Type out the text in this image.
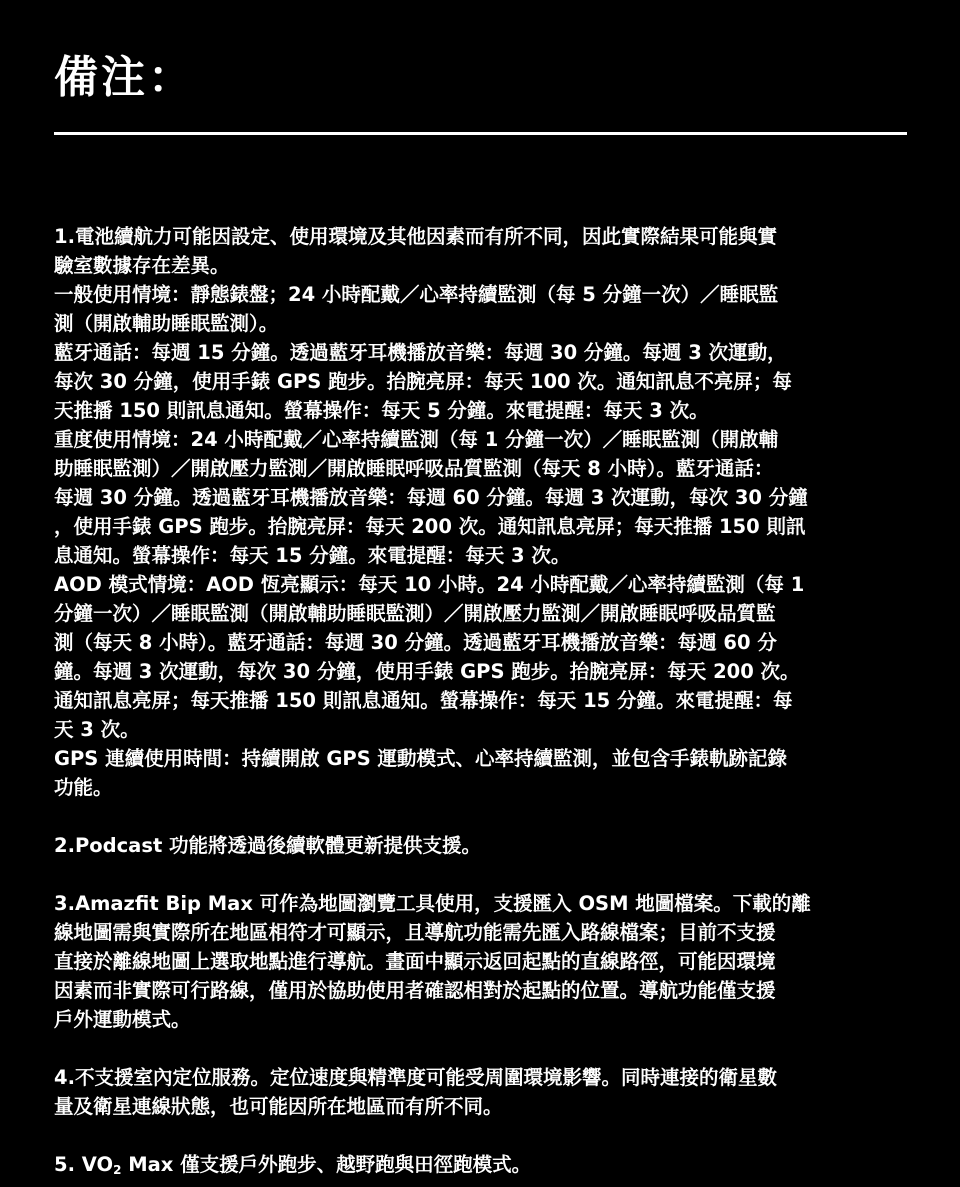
備注：
1.電池續航力可能因設定、使用環境及其他因素而有所不同，因此實際結果可能與實
驗室數據存在差異。
一般使用情境：靜態錶盤；24 小時配戴／心率持續監測（每 5 分鐘一次）／睡眠監
測（開啟輔助睡眠監測）。
藍牙通話：每週 15 分鐘。透過藍牙耳機播放音樂：每週 30 分鐘。每週 3 次運動，
每次 30 分鐘，使用手錶 GPS 跑步。抬腕亮屏：每天 100 次。通知訊息不亮屏；每
天推播 150 則訊息通知。螢幕操作：每天 5 分鐘。來電提醒：每天 3 次。
重度使用情境：24 小時配戴／心率持續監測（每 1 分鐘一次）／睡眠監測（開啟輔
助睡眠監測）／開啟壓力監測／開啟睡眠呼吸品質監測（每天 8 小時）。藍牙通話：
每週 30 分鐘。透過藍牙耳機播放音樂：每週 60 分鐘。每週 3 次運動，每次 30 分鐘
，使用手錶 GPS 跑步。抬腕亮屏：每天 200 次。通知訊息亮屏；每天推播 150 則訊
息通知。螢幕操作：每天 15 分鐘。來電提醒：每天 3 次。
AOD 模式情境：AOD 恆亮顯示：每天 10 小時。24 小時配戴／心率持續監測（每 1
分鐘一次）／睡眠監測（開啟輔助睡眠監測）／開啟壓力監測／開啟睡眠呼吸品質監
測（每天 8 小時）。藍牙通話：每週 30 分鐘。透過藍牙耳機播放音樂：每週 60 分
鐘。每週 3 次運動，每次 30 分鐘，使用手錶 GPS 跑步。抬腕亮屏：每天 200 次。
通知訊息亮屏；每天推播 150 則訊息通知。螢幕操作：每天 15 分鐘。來電提醒：每
天 3 次。
GPS 連續使用時間：持續開啟 GPS 運動模式、心率持續監測，並包含手錶軌跡記錄
功能。
2.Podcast 功能將透過後續軟體更新提供支援。
3.Amazfit Bip Max 可作為地圖瀏覽工具使用，支援匯入 OSM 地圖檔案。下載的離
線地圖需與實際所在地區相符才可顯示，且導航功能需先匯入路線檔案；目前不支援
直接於離線地圖上選取地點進行導航。畫面中顯示返回起點的直線路徑，可能因環境
因素而非實際可行路線，僅用於協助使用者確認相對於起點的位置。導航功能僅支援
戶外運動模式。
4.不支援室內定位服務。定位速度與精準度可能受周圍環境影響。同時連接的衛星數
量及衛星連線狀態，也可能因所在地區而有所不同。
5. $VO_2$ Max 僅支援戶外跑步、越野跑與田徑跑模式。
